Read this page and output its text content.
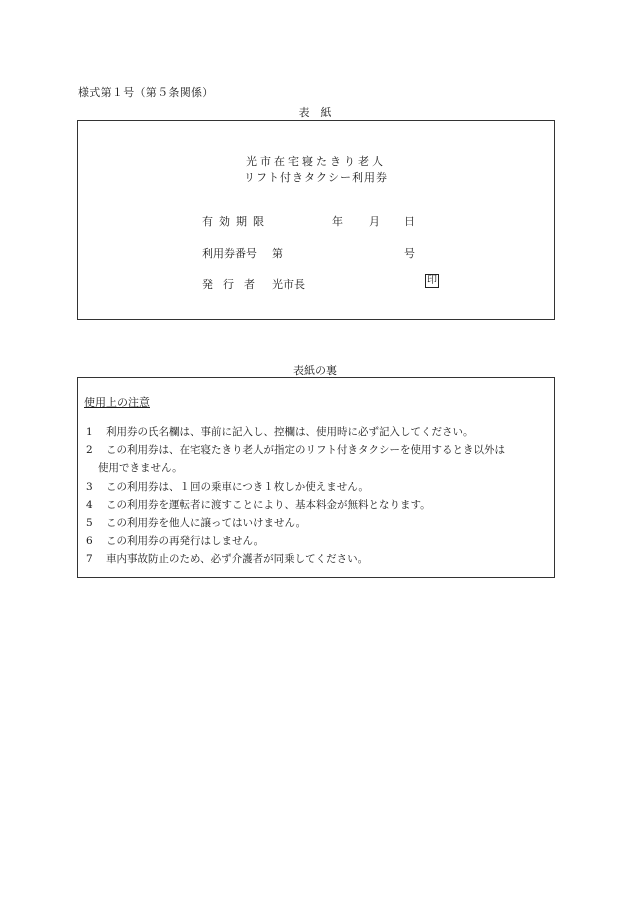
様式第１号（第５条関係）
表　紙
光市在宅寝たきり老人
リフト付きタクシー利用券
有効期限	年 月 日
利用券番号 第	号
発行者 光市長	印
表紙の裏
使用上の注意
1	利用券の氏名欄は、事前に記入し、控欄は、使用時に必ず記入してください。
2	この利用券は、在宅寝たきり老人が指定のリフト付きタクシーを使用するとき以外は
使用できません。
3	この利用券は、１回の乗車につき１枚しか使えません。
4	この利用券を運転者に渡すことにより、基本料金が無料となります。
5	この利用券を他人に譲ってはいけません。
6	この利用券の再発行はしません。
7	車内事故防止のため、必ず介護者が同乗してください。
